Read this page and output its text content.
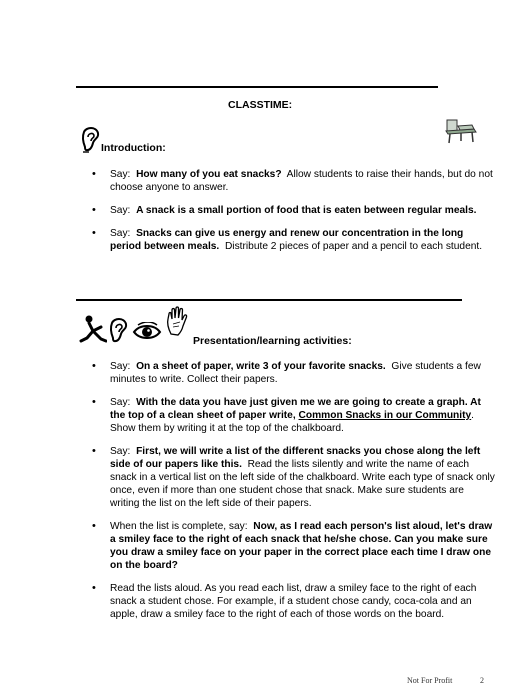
CLASSTIME:
Introduction:
• Say: How many of you eat snacks? Allow students to raise their hands, but do not choose anyone to answer.
• Say: A snack is a small portion of food that is eaten between regular meals.
• Say: Snacks can give us energy and renew our concentration in the long period between meals. Distribute 2 pieces of paper and a pencil to each student.
Presentation/learning activities:
• Say: On a sheet of paper, write 3 of your favorite snacks. Give students a few minutes to write. Collect their papers.
• Say: With the data you have just given me we are going to create a graph. At the top of a clean sheet of paper write, Common Snacks in our Community. Show them by writing it at the top of the chalkboard.
• Say: First, we will write a list of the different snacks you chose along the left side of our papers like this. Read the lists silently and write the name of each snack in a vertical list on the left side of the chalkboard. Write each type of snack only once, even if more than one student chose that snack. Make sure students are writing the list on the left side of their papers.
• When the list is complete, say: Now, as I read each person's list aloud, let's draw a smiley face to the right of each snack that he/she chose. Can you make sure you draw a smiley face on your paper in the correct place each time I draw one on the board?
• Read the lists aloud. As you read each list, draw a smiley face to the right of each snack a student chose. For example, if a student chose candy, coca-cola and an apple, draw a smiley face to the right of each of those words on the board.
Not For Profit	2
